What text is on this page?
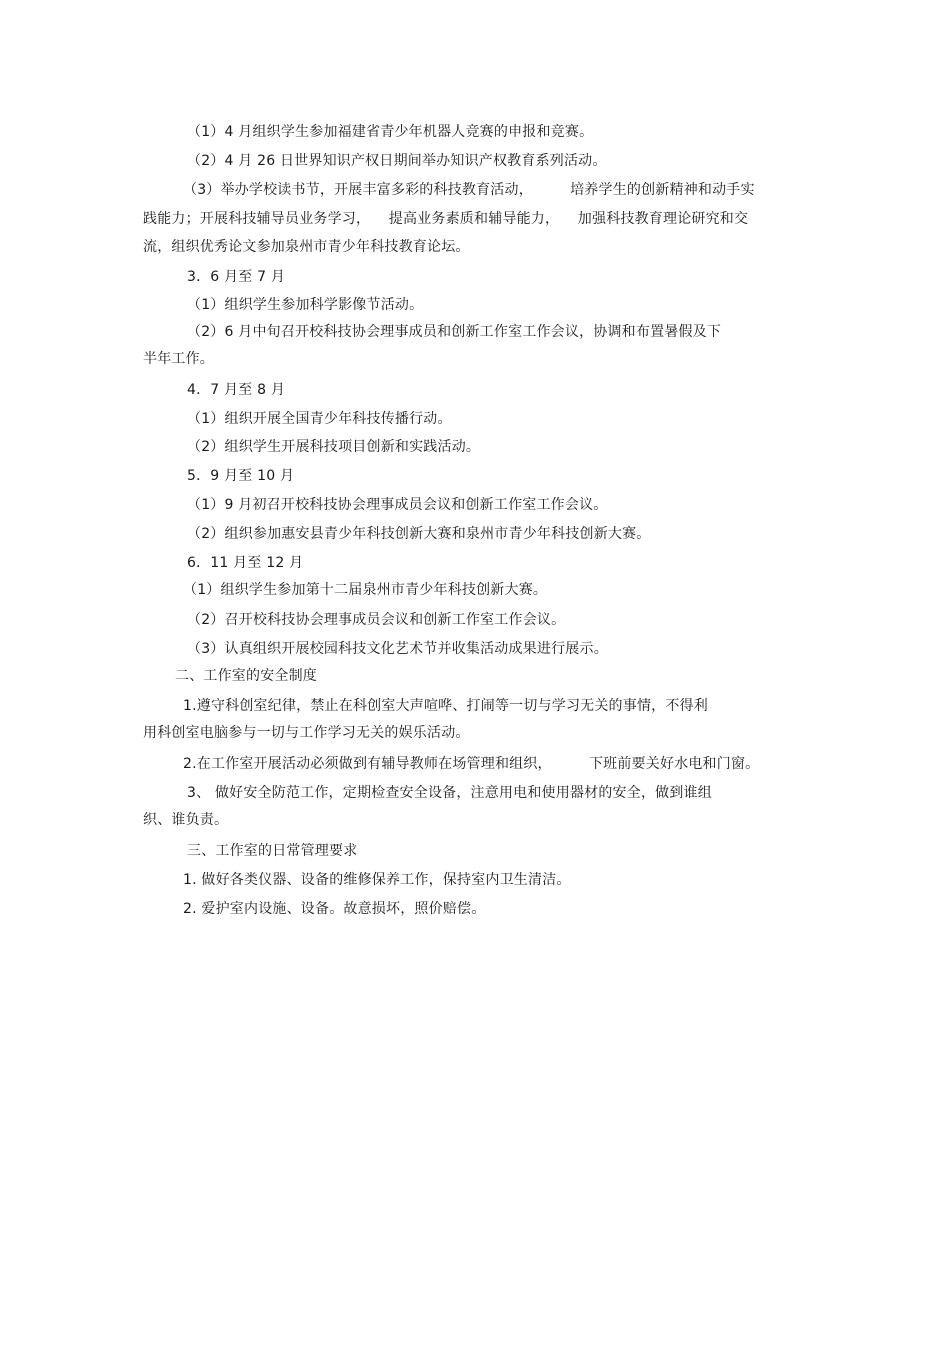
（1）4 月组织学生参加福建省青少年机器人竞赛的申报和竞赛。
（2）4 月 26 日世界知识产权日期间举办知识产权教育系列活动。
（3）举办学校读书节，开展丰富多彩的科技教育活动，        培养学生的创新精神和动手实
践能力；开展科技辅导员业务学习，    提高业务素质和辅导能力，    加强科技教育理论研究和交
流，组织优秀论文参加泉州市青少年科技教育论坛。
3．6 月至 7 月
（1）组织学生参加科学影像节活动。
（2）6 月中旬召开校科技协会理事成员和创新工作室工作会议，协调和布置暑假及下
半年工作。
4．7 月至 8 月
（1）组织开展全国青少年科技传播行动。
（2）组织学生开展科技项目创新和实践活动。
5．9 月至 10 月
（1）9 月初召开校科技协会理事成员会议和创新工作室工作会议。
（2）组织参加惠安县青少年科技创新大赛和泉州市青少年科技创新大赛。
6．11 月至 12 月
（1）组织学生参加第十二届泉州市青少年科技创新大赛。
（2）召开校科技协会理事成员会议和创新工作室工作会议。
（3）认真组织开展校园科技文化艺术节并收集活动成果进行展示。
二、工作室的安全制度
1.遵守科创室纪律，禁止在科创室大声喧哗、打闹等一切与学习无关的事情，不得利
用科创室电脑参与一切与工作学习无关的娱乐活动。
2.在工作室开展活动必须做到有辅导教师在场管理和组织，        下班前要关好水电和门窗。
3、 做好安全防范工作，定期检查安全设备，注意用电和使用器材的安全，做到谁组
织、谁负责。
三、工作室的日常管理要求
1. 做好各类仪器、设备的维修保养工作，保持室内卫生清洁。
2. 爱护室内设施、设备。故意损坏，照价赔偿。
